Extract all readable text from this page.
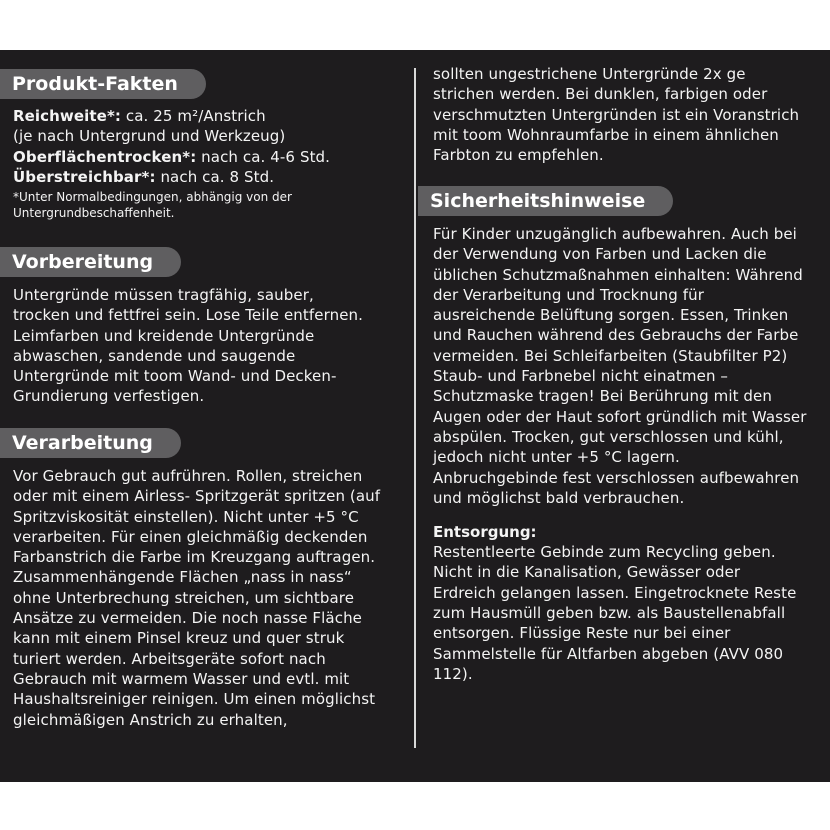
Produkt-Fakten
Reichweite*: ca. 25 m²/Anstrich
(je nach Untergrund und Werkzeug)
Oberflächentrocken*: nach ca. 4-6 Std.
Überstreichbar*: nach ca. 8 Std.
*Unter Normalbedingungen, abhängig von der Untergrundbeschaffenheit.
Vorbereitung
Untergründe müssen tragfähig, sauber, trocken und fettfrei sein. Lose Teile entfernen. Leimfarben und kreidende Untergründe abwaschen, sandende und saugende Untergründe mit toom Wand- und Decken-Grundierung verfestigen.
Verarbeitung
Vor Gebrauch gut aufrühren. Rollen, streichen oder mit einem Airless- Spritzgerät spritzen (auf Spritzviskosität einstellen). Nicht unter +5 °C verarbeiten. Für einen gleichmäßig deckenden Farbanstrich die Farbe im Kreuzgang auftragen. Zusammenhängende Flächen „nass in nass“ ohne Unterbrechung streichen, um sichtbare Ansätze zu vermeiden. Die noch nasse Fläche kann mit einem Pinsel kreuz und quer struk turiert werden. Arbeitsgeräte sofort nach Gebrauch mit warmem Wasser und evtl. mit Haushaltsreiniger reinigen. Um einen möglichst gleichmäßigen Anstrich zu erhalten,
sollten ungestrichene Untergründe 2x ge strichen werden. Bei dunklen, farbigen oder verschmutzten Untergründen ist ein Voranstrich mit toom Wohnraumfarbe in einem ähnlichen Farbton zu empfehlen.
Sicherheitshinweise
Für Kinder unzugänglich aufbewahren. Auch bei der Verwendung von Farben und Lacken die üblichen Schutzmaßnahmen einhalten: Während der Verarbeitung und Trocknung für ausreichende Belüftung sorgen. Essen, Trinken und Rauchen während des Gebrauchs der Farbe vermeiden. Bei Schleifarbeiten (Staubfilter P2) Staub- und Farbnebel nicht einatmen – Schutzmaske tragen! Bei Berührung mit den Augen oder der Haut sofort gründlich mit Wasser abspülen. Trocken, gut verschlossen und kühl, jedoch nicht unter +5 °C lagern. Anbruchgebinde fest verschlossen aufbewahren und möglichst bald verbrauchen.
Entsorgung:
Restentleerte Gebinde zum Recycling geben. Nicht in die Kanalisation, Gewässer oder Erdreich gelangen lassen. Eingetrocknete Reste zum Hausmüll geben bzw. als Baustellenabfall entsorgen. Flüssige Reste nur bei einer Sammelstelle für Altfarben abgeben (AVV 080 112).
